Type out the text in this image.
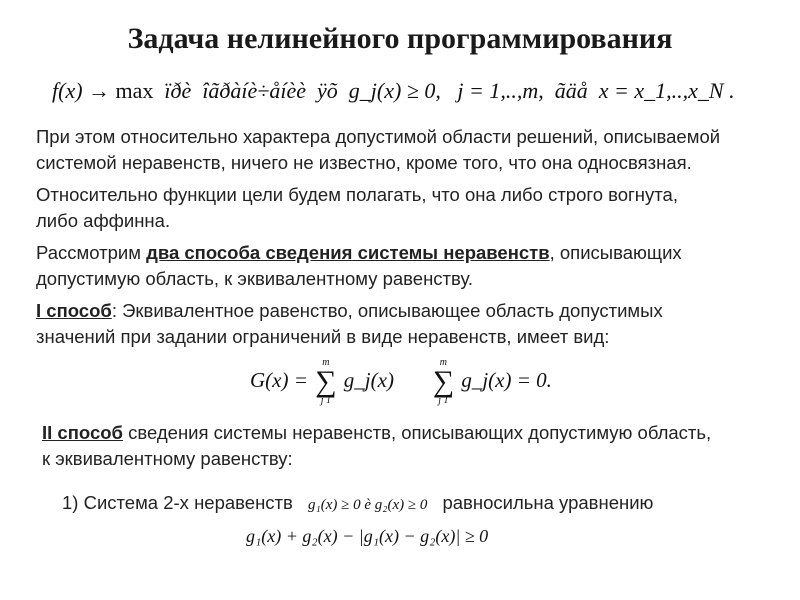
Задача нелинейного программирования
f(x) → max ïðè îãðàíè÷åíèè ÿõ g_j(x) ≥ 0, j = 1,..,m, ãäå x = x_1,..,x_N .
При этом относительно характера допустимой области решений, описываемой
системой неравенств, ничего не известно, кроме того, что она односвязная.
Относительно функции цели будем полагать, что она либо строго вогнута,
либо аффинна.
Рассмотрим два способа сведения системы неравенств, описывающих
допустимую область, к эквивалентному равенству.
I способ: Эквивалентное равенство, описывающее область допустимых
значений при задании ограничений в виде неравенств, имеет вид:
G(x) =
m
∑
j 1
g_j(x)
m
∑
j 1
g_j(x) = 0.
II способ сведения системы неравенств, описывающих допустимую область,
к эквивалентному равенству:
1) Система 2-х неравенств g₁(x) ≥ 0 è g₂(x) ≥ 0 равносильна уравнению
g₁(x) + g₂(x) − |g₁(x) − g₂(x)| ≥ 0
